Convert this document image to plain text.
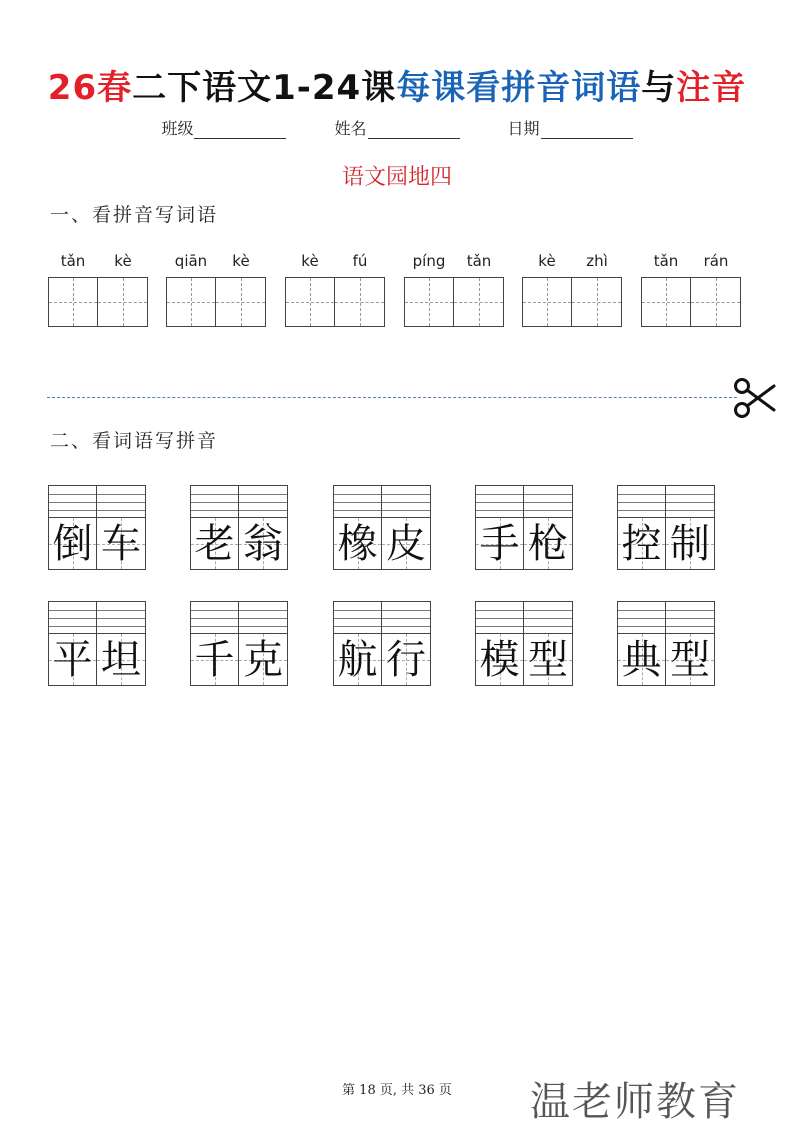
26春二下语文1-24课每课看拼音词语与注音
班级	姓名	日期
语文园地四
一、看拼音写词语
tǎn	kè	qiān	kè	kè	fú	píng	tǎn	kè	zhì	tǎn	rán
二、看词语写拼音
倒 车 老 翁 橡 皮 手 枪 控 制
平 坦 千 克 航 行 模 型 典 型
第 18 页, 共 36 页	温老师教育
